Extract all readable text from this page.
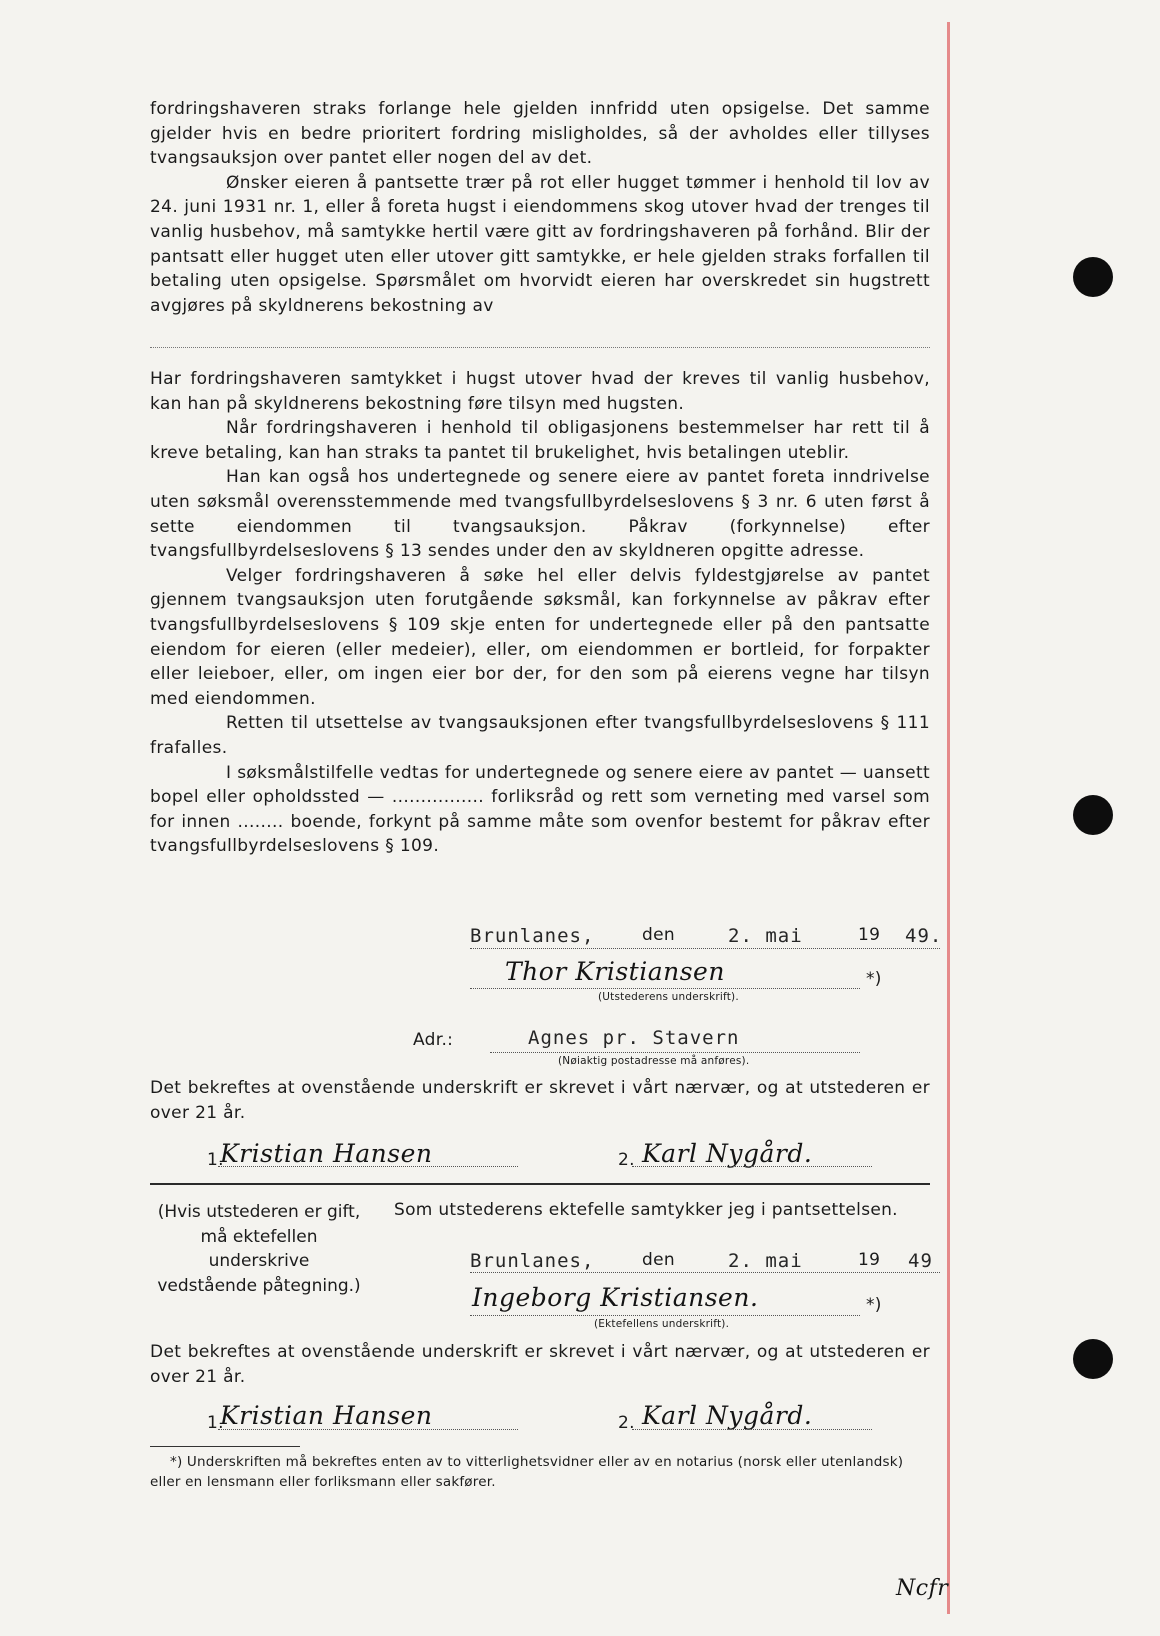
fordringshaveren straks forlange hele gjelden innfridd uten opsigelse. Det samme gjelder hvis en bedre prioritert fordring misligholdes, så der avholdes eller tillyses tvangsauksjon over pantet eller nogen del av det.

Ønsker eieren å pantsette trær på rot eller hugget tømmer i henhold til lov av 24. juni 1931 nr. 1, eller å foreta hugst i eiendommens skog utover hvad der trenges til vanlig husbehov, må samtykke hertil være gitt av fordringshaveren på forhånd. Blir der pantsatt eller hugget uten eller utover gitt samtykke, er hele gjelden straks forfallen til betaling uten opsigelse. Spørsmålet om hvorvidt eieren har overskredet sin hugstrett avgjøres på skyldnerens bekostning av

Har fordringshaveren samtykket i hugst utover hvad der kreves til vanlig husbehov, kan han på skyldnerens bekostning føre tilsyn med hugsten.

Når fordringshaveren i henhold til obligasjonens bestemmelser har rett til å kreve betaling, kan han straks ta pantet til brukelighet, hvis betalingen uteblir.

Han kan også hos undertegnede og senere eiere av pantet foreta inndrivelse uten søksmål overensstemmende med tvangsfullbyrdelseslovens § 3 nr. 6 uten først å sette eiendommen til tvangsauksjon. Påkrav (forkynnelse) efter tvangsfullbyrdelseslovens § 13 sendes under den av skyldneren opgitte adresse.

Velger fordringshaveren å søke hel eller delvis fyldestgjørelse av pantet gjennem tvangsauksjon uten forutgående søksmål, kan forkynnelse av påkrav efter tvangsfullbyrdelseslovens § 109 skje enten for undertegnede eller på den pantsatte eiendom for eieren (eller medeier), eller, om eiendommen er bortleid, for forpakter eller leieboer, eller, om ingen eier bor der, for den som på eierens vegne har tilsyn med eiendommen.

Retten til utsettelse av tvangsauksjonen efter tvangsfullbyrdelseslovens § 111 frafalles.

I søksmålstilfelle vedtas for undertegnede og senere eiere av pantet — uansett bopel eller opholdssted — ................ forliksråd og rett som verneting med varsel som for innen ........ boende, forkynt på samme måte som ovenfor bestemt for påkrav efter tvangsfullbyrdelseslovens § 109.

Brunlanes,	den	2. mai	19 49.
Thor Kristiansen	*)
(Utstederens underskrift).
Adr.:	Agnes pr. Stavern
(Nøiaktig postadresse må anføres).
Det bekreftes at ovenstående underskrift er skrevet i vårt nærvær, og at utstederen er over 21 år.
1.
Kristian Hansen	2. Karl Nygård.

(Hvis utstederen er gift,

må ektefellen underskrive

vedstående påtegning.)

Som utstederens ektefelle samtykker jeg i pantsettelsen.
Brunlanes,	den	2. mai	19 49
Ingeborg Kristiansen.	*)
(Ektefellens underskrift).
Det bekreftes at ovenstående underskrift er skrevet i vårt nærvær, og at utstederen er over 21 år.
1.
Kristian Hansen	2. Karl Nygård.

*) Underskriften må bekreftes enten av to vitterlighetsvidner eller av en notarius (norsk eller utenlandsk) eller en lensmann eller forliksmann eller sakfører.

Ncfr
